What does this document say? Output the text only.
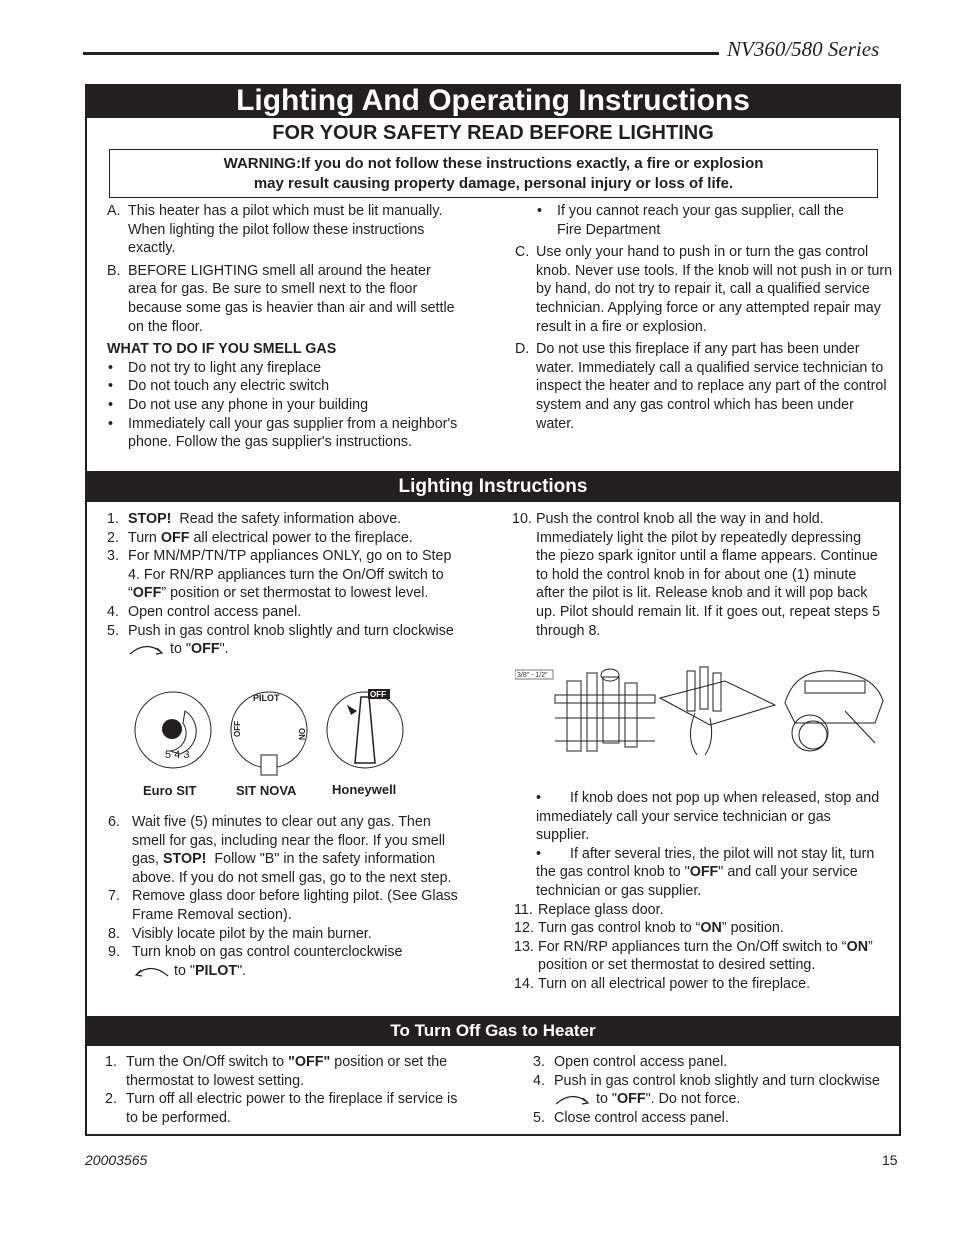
NV360/580 Series
Lighting And Operating Instructions
FOR YOUR SAFETY READ BEFORE LIGHTING
WARNING:If you do not follow these instructions exactly, a fire or explosion
may result causing property damage, personal injury or loss of life.
A. This heater has a pilot which must be lit manually. When lighting the pilot follow these instructions exactly.
B. BEFORE LIGHTING smell all around the heater area for gas. Be sure to smell next to the floor because some gas is heavier than air and will settle on the floor.
WHAT TO DO IF YOU SMELL GAS
• Do not try to light any fireplace
• Do not touch any electric switch
• Do not use any phone in your building
• Immediately call your gas supplier from a neighbor's phone. Follow the gas supplier's instructions.
• If you cannot reach your gas supplier, call the Fire Department
C. Use only your hand to push in or turn the gas control knob. Never use tools. If the knob will not push in or turn by hand, do not try to repair it, call a qualified service technician. Applying force or any attempted repair may result in a fire or explosion.
D. Do not use this fireplace if any part has been under water. Immediately call a qualified service technician to inspect the heater and to replace any part of the control system and any gas control which has been under water.
Lighting Instructions
1. STOP! Read the safety information above.
2. Turn OFF all electrical power to the fireplace.
3. For MN/MP/TN/TP appliances ONLY, go on to Step 4. For RN/RP appliances turn the On/Off switch to “OFF” position or set thermostat to lowest level.
4. Open control access panel.
5. Push in gas control knob slightly and turn clockwise  to "OFF".
5 4 3
PILOT
OFF	ON
OFF
Euro SIT	SIT NOVA	Honeywell
6. Wait five (5) minutes to clear out any gas. Then smell for gas, including near the floor. If you smell gas, STOP! Follow "B" in the safety information above. If you do not smell gas, go to the next step.
7. Remove glass door before lighting pilot. (See Glass Frame Removal section).
8. Visibly locate pilot by the main burner.
9. Turn knob on gas control counterclockwise
to "PILOT".
10. Push the control knob all the way in and hold. Immediately light the pilot by repeatedly depressing the piezo spark ignitor until a flame appears. Continue to hold the control knob in for about one (1) minute after the pilot is lit. Release knob and it will pop back up. Pilot should remain lit. If it goes out, repeat steps 5 through 8.
3/8" - 1/2"
• If knob does not pop up when released, stop and immediately call your service technician or gas supplier.
• If after several tries, the pilot will not stay lit, turn the gas control knob to "OFF" and call your service technician or gas supplier.
11. Replace glass door.
12. Turn gas control knob to “ON” position.
13. For RN/RP appliances turn the On/Off switch to “ON” position or set thermostat to desired setting.
14. Turn on all electrical power to the fireplace.
To Turn Off Gas to Heater
1. Turn the On/Off switch to "OFF" position or set the thermostat to lowest setting.
2. Turn off all electric power to the fireplace if service is to be performed.
3. Open control access panel.
4. Push in gas control knob slightly and turn clockwise  to "OFF". Do not force.
5. Close control access panel.
20003565	15
